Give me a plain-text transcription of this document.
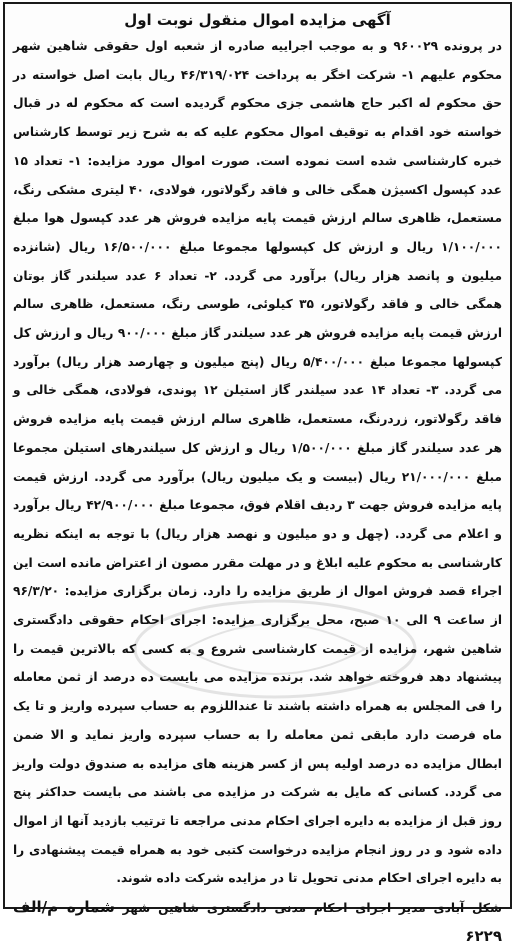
آگهی مزایده اموال منقول نوبت اول

در پرونده ۹۶۰۰۲۹ و به موجب اجراییه صادره از شعبه اول حقوقی شاهین شهر محکوم علیهم ۱- شرکت اخگر به پرداخت ۴۶/۳۱۹/۰۲۴ ریال بابت اصل خواسته در حق محکوم له اکبر حاج هاشمی جزی محکوم گردیده است که محکوم له در قبال خواسته خود اقدام به توقیف اموال محکوم علیه که به شرح زیر توسط کارشناس خبره کارشناسی شده است نموده است. صورت اموال مورد مزایده: ۱- تعداد ۱۵ عدد کپسول اکسیژن همگی خالی و فاقد رگولاتور، فولادی، ۴۰ لیتری مشکی رنگ، مستعمل، ظاهری سالم ارزش قیمت پایه مزایده فروش هر عدد کپسول هوا مبلغ ۱/۱۰۰/۰۰۰ ریال و ارزش کل کپسولها مجموعا مبلغ ۱۶/۵۰۰/۰۰۰ ریال (شانزده میلیون و پانصد هزار ریال) برآورد می گردد. ۲- تعداد ۶ عدد سیلندر گاز بوتان همگی خالی و فاقد رگولاتور، ۳۵ کیلوئی، طوسی رنگ، مستعمل، ظاهری سالم ارزش قیمت پایه مزایده فروش هر عدد سیلندر گاز مبلغ ۹۰۰/۰۰۰ ریال و ارزش کل کپسولها مجموعا مبلغ ۵/۴۰۰/۰۰۰ ریال (پنج میلیون و چهارصد هزار ریال) برآورد می گردد. ۳- تعداد ۱۴ عدد سیلندر گاز استیلن ۱۲ پوندی، فولادی، همگی خالی و فاقد رگولاتور، زردرنگ، مستعمل، ظاهری سالم ارزش قیمت پایه مزایده فروش هر عدد سیلندر گاز مبلغ ۱/۵۰۰/۰۰۰ ریال و ارزش کل سیلندرهای استیلن مجموعا مبلغ ۲۱/۰۰۰/۰۰۰ ریال (بیست و یک میلیون ریال) برآورد می گردد. ارزش قیمت پایه مزایده فروش جهت ۳ ردیف اقلام فوق، مجموعا مبلغ ۴۲/۹۰۰/۰۰۰ ریال برآورد و اعلام می گردد. (چهل و دو میلیون و نهصد هزار ریال) با توجه به اینکه نظریه کارشناسی به محکوم علیه ابلاغ و در مهلت مقرر مصون از اعتراض مانده است این اجراء قصد فروش اموال از طریق مزایده را دارد. زمان برگزاری مزایده: ۹۶/۳/۲۰ از ساعت ۹ الی ۱۰ صبح، محل برگزاری مزایده: اجرای احکام حقوقی دادگستری شاهین شهر، مزایده از قیمت کارشناسی شروع و به کسی که بالاترین قیمت را پیشنهاد دهد فروخته خواهد شد. برنده مزایده می بایست ده درصد از ثمن معامله را فی المجلس به همراه داشته باشند تا عنداللزوم به حساب سپرده واریز و تا یک ماه فرصت دارد مابقی ثمن معامله را به حساب سپرده واریز نماید و الا ضمن ابطال مزایده ده درصد اولیه پس از کسر هزینه های مزایده به صندوق دولت واریز می گردد. کسانی که مایل به شرکت در مزایده می باشند می بایست حداکثر پنج روز قبل از مزایده به دایره اجرای احکام مدنی مراجعه تا ترتیب بازدید آنها از اموال داده شود و در روز انجام مزایده درخواست کتبی خود به همراه قیمت پیشنهادی را به دایره اجرای احکام مدنی تحویل تا در مزایده شرکت داده شوند.

شکل آبادی مدیر اجرای احکام مدنی دادگستری شاهین شهر شماره م/الف ۶۲۲۹
